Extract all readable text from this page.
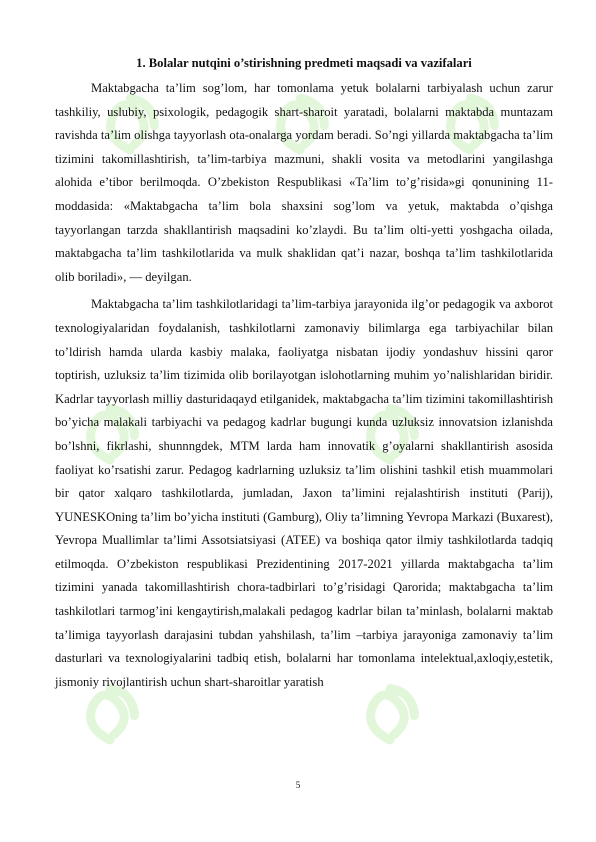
1. Bolalar nutqini o’stirishning predmeti maqsadi va vazifalari

Maktabgacha ta’lim sog’lom, har tomonlama yetuk bolalarni tarbiyalash uchun zarur tashkiliy, uslubiy, psixologik, pedagogik shart-sharoit yaratadi, bolalarni maktabda muntazam ravishda ta’lim olishga tayyorlash ota-onalarga yordam beradi. So’ngi yillarda maktabgacha ta’lim tizimini takomillashtirish, ta’lim-tarbiya mazmuni, shakli vosita va metodlarini yangilashga alohida e’tibor berilmoqda. O’zbekiston Respublikasi «Ta’lim to’g’risida»gi qonunining 11- moddasida: «Maktabgacha ta’lim bola shaxsini sog’lom va yetuk, maktabda o’qishga tayyorlangan tarzda shakllantirish maqsadini ko’zlaydi. Bu ta’lim olti-yetti yoshgacha oilada, maktabgacha ta’lim tashkilotlarida va mulk shaklidan qat’i nazar, boshqa ta’lim tashkilotlarida olib boriladi», — deyilgan.

Maktabgacha ta’lim tashkilotlaridagi ta’lim-tarbiya jarayonida ilg’or pedagogik va axborot texnologiyalaridan foydalanish, tashkilotlarni zamonaviy bilimlarga ega tarbiyachilar bilan to’ldirish hamda ularda kasbiy malaka, faoliyatga nisbatan ijodiy yondashuv hissini qaror toptirish, uzluksiz ta’lim tizimida olib borilayotgan islohotlarning muhim yo’nalishlaridan biridir. Kadrlar tayyorlash milliy dasturidaqayd etilganidek, maktabgacha ta’lim tizimini takomillashtirish bo’yicha malakali tarbiyachi va pedagog kadrlar bugungi kunda uzluksiz innovatsion izlanishda bo’lshni, fikrlashi, shunnngdek, MTM larda ham innovatik g’oyalarni shakllantirish asosida faoliyat ko’rsatishi zarur. Pedagog kadrlarning uzluksiz ta’lim olishini tashkil etish muammolari bir qator xalqaro tashkilotlarda, jumladan, Jaxon ta’limini rejalashtirish instituti (Parij), YUNESKOning ta’lim bo’yicha instituti (Gamburg), Oliy ta’limning Yevropa Markazi (Buxarest), Yevropa Muallimlar ta’limi Assotsiatsiyasi (ATEE) va boshiqa qator ilmiy tashkilotlarda tadqiq etilmoqda. O’zbekiston respublikasi Prezidentining 2017-2021 yillarda maktabgacha ta’lim tizimini yanada takomillashtirish chora-tadbirlari to’g’risidagi Qarorida; maktabgacha ta’lim tashkilotlari tarmog’ini kengaytirish,malakali pedagog kadrlar bilan ta’minlash, bolalarni maktab ta’limiga tayyorlash darajasini tubdan yahshilash, ta’lim –tarbiya jarayoniga zamonaviy ta’lim dasturlari va texnologiyalarini tadbiq etish, bolalarni har tomonlama intelektual,axloqiy,estetik, jismoniy rivojlantirish uchun shart-sharoitlar yaratish

5
